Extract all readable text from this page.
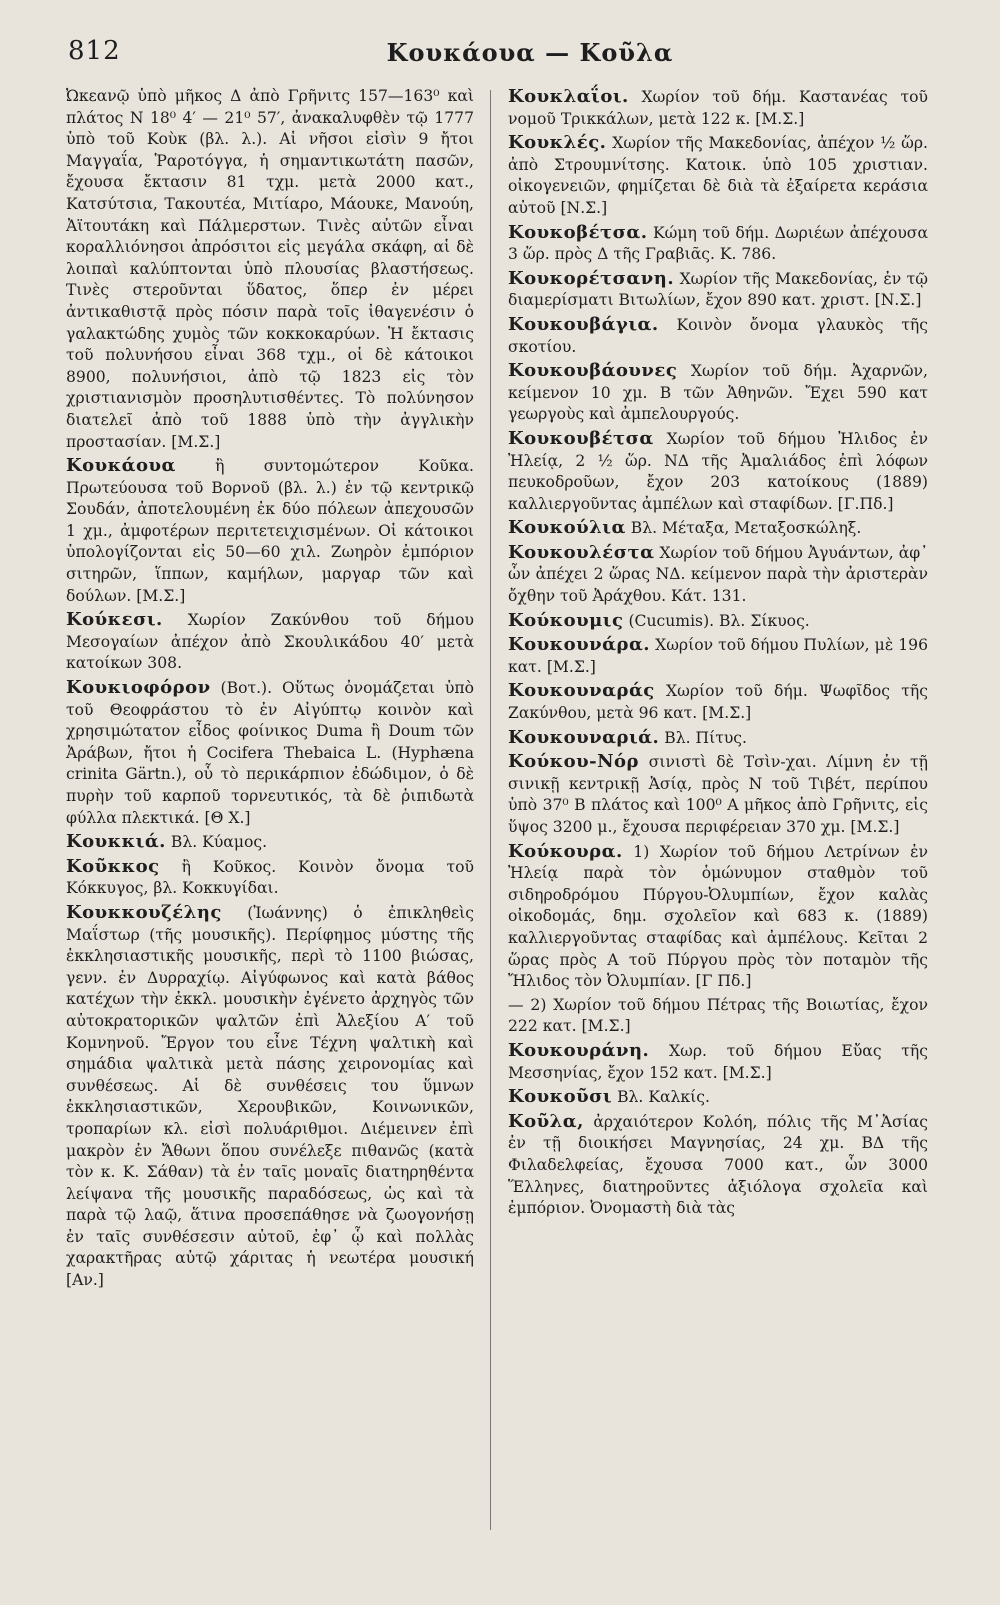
812	Κουκάουα — Κοῦλα

Ὠκεανῷ ὑπὸ μῆκος Δ ἀπὸ Γρῆνιτς 157—163⁰ καὶ πλάτος Ν 18⁰ 4′ — 21⁰ 57′, ἀνακαλυφθὲν τῷ 1777 ὑπὸ τοῦ Κοὺκ (βλ. λ.). Αἱ νῆσοι εἰσὶν 9 ἤτοι Μαγγαΐα, Ῥαροτόγγα, ἡ σημαντικωτάτη πασῶν, ἔχουσα ἔκτασιν 81 τχμ. μετὰ 2000 κατ., Κατσύτσια, Τακουτέα, Μιτίαρο, Μάουκε, Μανούη, Ἀϊτουτάκη καὶ Πάλμερστων. Τινὲς αὐτῶν εἶναι κοραλλιόνησοι ἀπρόσιτοι εἰς μεγάλα σκάφη, αἱ δὲ λοιπαὶ καλύπτονται ὑπὸ πλουσίας βλαστήσεως. Τινὲς στεροῦνται ὕδατος, ὅπερ ἐν μέρει ἀντικαθιστᾷ πρὸς πόσιν παρὰ τοῖς ἰθαγενέσιν ὁ γαλακτώδης χυμὸς τῶν κοκκοκαρύων. Ἡ ἔκτασις τοῦ πολυνήσου εἶναι 368 τχμ., οἱ δὲ κάτοικοι 8900, πολυνήσιοι, ἀπὸ τῷ 1823 εἰς τὸν χριστιανισμὸν προσηλυτισθέντες. Τὸ πολύνησον διατελεῖ ἀπὸ τοῦ 1888 ὑπὸ τὴν ἀγγλικὴν προστασίαν. [Μ.Σ.]

Κουκάουα	ἢ συντομώτερον Κοῦκα. Πρωτεύουσα τοῦ Βορνοῦ (βλ. λ.) ἐν τῷ κεντρικῷ Σουδάν, ἀποτελουμένη ἐκ δύο πόλεων ἀπεχουσῶν 1 χμ., ἀμφοτέρων περιτετειχισμένων. Οἱ κάτοικοι ὑπολογίζονται εἰς 50—60 χιλ. Ζωηρὸν ἐμπόριον σιτηρῶν, ἵππων, καμήλων, μαργαρ τῶν καὶ δούλων. [Μ.Σ.]

Κούκεσι. Χωρίον Ζακύνθου τοῦ δήμου Μεσογαίων ἀπέχον ἀπὸ Σκουλικάδου 40′ μετὰ κατοίκων 308.

Κουκιοφόρον (Βοτ.). Οὕτως ὀνομάζεται ὑπὸ τοῦ Θεοφράστου τὸ ἐν Αἰγύπτῳ κοινὸν καὶ χρησιμώτατον εἶδος φοίνικος Duma ἢ Doum τῶν Ἀράβων, ἤτοι ἡ Cocifera Thebaica L. (Hyphæna crinita Gärtn.), οὗ τὸ περικάρπιον ἐδώδιμον, ὁ δὲ πυρὴν τοῦ καρποῦ τορνευτικός, τὰ δὲ ῥιπιδωτὰ φύλλα πλεκτικά. [Θ Χ.]

Κουκκιά. Βλ. Κύαμος.

Κοῦκκος ἢ Κοῦκος. Κοινὸν ὄνομα τοῦ Κόκκυγος, βλ. Κοκκυγίδαι.

Κουκκουζέλης (Ἰωάννης) ὁ ἐπικληθεὶς Μαΐστωρ (τῆς μουσικῆς). Περίφημος μύστης τῆς ἐκκλησιαστικῆς μουσικῆς, περὶ τὸ 1100 βιώσας, γενν. ἐν Δυρραχίῳ. Αἰγύφωνος καὶ κατὰ βάθος κατέχων τὴν ἐκκλ. μουσικὴν ἐγένετο ἀρχηγὸς τῶν αὐτοκρατορικῶν ψαλτῶν ἐπὶ Ἀλεξίου Α′ τοῦ Κομνηνοῦ. Ἔργον του εἶνε Τέχνη ψαλτικὴ καὶ σημάδια ψαλτικὰ μετὰ πάσης χειρονομίας καὶ συνθέσεως. Αἱ δὲ συνθέσεις του ὕμνων ἐκκλησιαστικῶν, Χερουβικῶν, Κοινωνικῶν, τροπαρίων κλ. εἰσὶ πολυάριθμοι. Διέμεινεν ἐπὶ μακρὸν ἐν Ἄθωνι ὅπου συνέλεξε πιθανῶς (κατὰ τὸν κ. Κ. Σάθαν) τὰ ἐν ταῖς μοναῖς διατηρηθέντα λείψανα τῆς μουσικῆς παραδόσεως, ὡς καὶ τὰ παρὰ τῷ λαῷ, ἅτινα προσεπάθησε νὰ ζωογονήσῃ ἐν ταῖς συνθέσεσιν αὐτοῦ, ἐφ᾿ ᾧ καὶ πολλὰς χαρακτῆρας αὐτῷ χάριτας ἡ νεωτέρα μουσική [Αν.]

Κουκλαΐοι. Χωρίον τοῦ δήμ. Καστανέας τοῦ νομοῦ Τρικκάλων, μετὰ 122 κ. [Μ.Σ.]

Κουκλές. Χωρίον τῆς Μακεδονίας, ἀπέχον ½ ὥρ. ἀπὸ Στρουμνίτσης. Κατοικ. ὑπὸ 105 χριστιαν. οἰκογενειῶν, φημίζεται δὲ διὰ τὰ ἐξαίρετα κεράσια αὐτοῦ [Ν.Σ.]

Κουκοβέτσα. Κώμη τοῦ δήμ. Δωριέων ἀπέχουσα 3 ὥρ. πρὸς Δ τῆς Γραβιᾶς. Κ. 786.

Κουκορέτσανη. Χωρίον τῆς Μακεδονίας, ἐν τῷ διαμερίσματι Βιτωλίων, ἔχον 890 κατ. χριστ. [Ν.Σ.]

Κουκουβάγια. Κοινὸν ὄνομα γλαυκὸς τῆς σκοτίου.

Κουκουβάουνες Χωρίον τοῦ δήμ. Ἀχαρνῶν, κείμενον 10 χμ. Β τῶν Ἀθηνῶν. Ἔχει 590 κατ γεωργοὺς καὶ ἀμπελουργούς.

Κουκουβέτσα Χωρίον τοῦ δήμου Ἠλιδος ἐν Ἠλείᾳ, 2 ½ ὥρ. ΝΔ τῆς Ἀμαλιάδος ἐπὶ λόφων πευκοδροῦων, ἔχον 203 κατοίκους (1889) καλλιεργοῦντας ἀμπέλων καὶ σταφίδων. [Γ.Πδ.]

Κουκούλια Βλ. Μέταξα, Μεταξοσκώληξ.

Κουκουλέστα Χωρίον τοῦ δήμου Ἀγυάντων, ἀφ᾿ ὧν ἀπέχει 2 ὥρας ΝΔ. κείμενον παρὰ τὴν ἀριστερὰν ὄχθην τοῦ Ἀράχθου. Κάτ. 131.

Κούκουμις (Cucumis). Βλ. Σίκυος.

Κουκουνάρα. Χωρίον τοῦ δήμου Πυλίων, μὲ 196 κατ. [Μ.Σ.]

Κουκουναράς Χωρίον τοῦ δήμ. Ψωφῖδος τῆς Ζακύνθου, μετὰ 96 κατ. [Μ.Σ.]

Κουκουναριά. Βλ. Πίτυς.

Κούκου-Νόρ σινιστὶ δὲ Τσὶν-χαι. Λίμνη ἐν τῇ σινικῇ κεντρικῇ Ἀσίᾳ, πρὸς Ν τοῦ Τιβέτ, περίπου ὑπὸ 37⁰ Β πλάτος καὶ 100⁰ Α μῆκος ἀπὸ Γρῆνιτς, εἰς ὕψος 3200 μ., ἔχουσα περιφέρειαν 370 χμ. [Μ.Σ.]

Κούκουρα. 1) Χωρίον τοῦ δήμου Λετρίνων ἐν Ἠλείᾳ παρὰ τὸν ὁμώνυμον σταθμὸν τοῦ σιδηροδρόμου Πύργου-Ὀλυμπίων, ἔχον καλὰς οἰκοδομάς, δημ. σχολεῖον καὶ 683 κ. (1889) καλλιεργοῦντας σταφίδας καὶ ἀμπέλους. Κεῖται 2 ὥρας πρὸς Α τοῦ Πύργου πρὸς τὸν ποταμὸν τῆς Ἤλιδος τὸν Ὀλυμπίαν. [Γ Πδ.]

— 2) Χωρίον τοῦ δήμου Πέτρας τῆς Βοιωτίας, ἔχον 222 κατ. [Μ.Σ.]

Κουκουράνη. Χωρ. τοῦ δήμου Εὔας τῆς Μεσσηνίας, ἔχον 152 κατ. [Μ.Σ.]

Κουκοῦσι Βλ. Καλκίς.

Κοῦλα, ἀρχαιότερον Κολόη, πόλις τῆς Μ᾿Ἀσίας ἐν τῇ διοικήσει Μαγνησίας, 24 χμ. ΒΔ τῆς Φιλαδελφείας, ἔχουσα 7000 κατ., ὧν 3000 Ἕλληνες, διατηροῦντες ἀξιόλογα σχολεῖα καὶ ἐμπόριον. Ὀνομαστὴ διὰ τὰς
